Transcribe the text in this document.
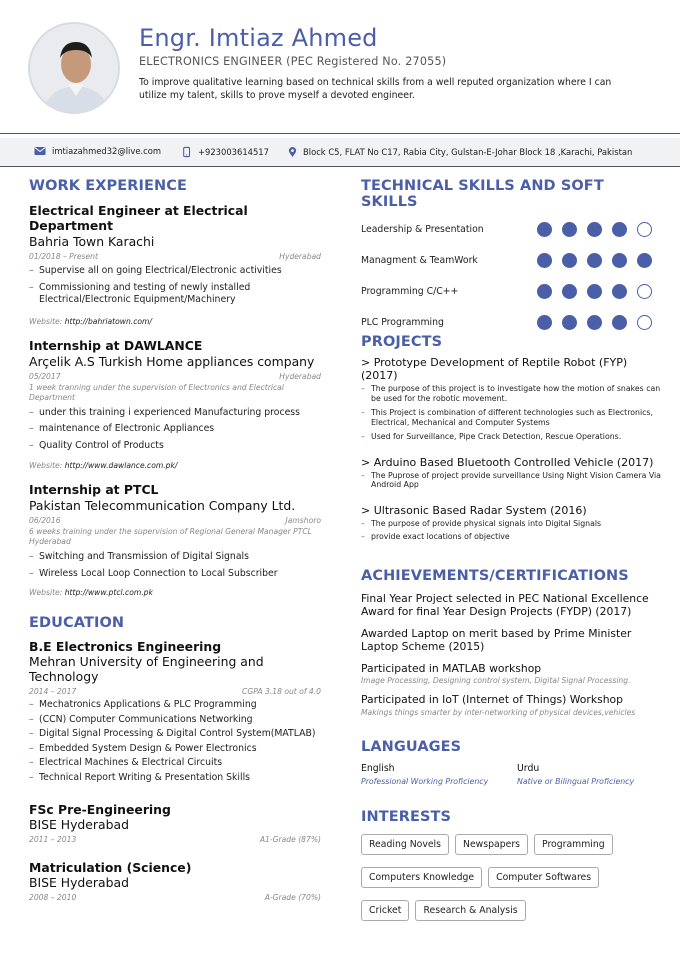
Engr. Imtiaz Ahmed
ELECTRONICS ENGINEER (PEC Registered No. 27055)
To improve qualitative learning based on technical skills from a well reputed organization where I can utilize my talent, skills to prove myself a devoted engineer.
imtiazahmed32@live.com	+923003614517	Block C5, FLAT No C17, Rabia City, Gulstan-E-Johar Block 18 ,Karachi, Pakistan
WORK EXPERIENCE
Electrical Engineer at Electrical Department
Bahria Town Karachi
01/2018 – Present	Hyderabad
– Supervise all on going Electrical/Electronic activities
– Commissioning and testing of newly installed Electrical/Electronic Equipment/Machinery
Website: http://bahriatown.com/
Internship at DAWLANCE
Arçelik A.S Turkish Home appliances company
05/2017	Hyderabad
1 week tranning under the supervision of Electronics and Electrical Department
– under this training i experienced Manufacturing process
– maintenance of Electronic Appliances
– Quality Control of Products
Website: http://www.dawlance.com.pk/
Internship at PTCL
Pakistan Telecommunication Company Ltd.
06/2016	Jamshoro
6 weeks training under the supervision of Regional General Manager PTCL Hyderabad
– Switching and Transmission of Digital Signals
– Wireless Local Loop Connection to Local Subscriber
Website: http://www.ptcl.com.pk
EDUCATION
B.E Electronics Engineering
Mehran University of Engineering and Technology
2014 – 2017	CGPA 3.18 out of 4.0
– Mechatronics Applications & PLC Programming
– (CCN) Computer Communications Networking
– Digital Signal Processing & Digital Control System(MATLAB)
– Embedded System Design & Power Electronics
– Electrical Machines & Electrical Circuits
– Technical Report Writing & Presentation Skills
FSc Pre-Engineering
BISE Hyderabad
2011 – 2013	A1-Grade (87%)
Matriculation (Science)
BISE Hyderabad
2008 – 2010	A-Grade (70%)
TECHNICAL SKILLS AND SOFT SKILLS
Leadership & Presentation
Managment & TeamWork
Programming C/C++
PLC Programming
PROJECTS
> Prototype Development of Reptile Robot (FYP) (2017)
– The purpose of this project is to investigate how the motion of snakes can be used for the robotic movement.
– This Project is combination of different technologies such as Electronics, Electrical, Mechanical and Computer Systems
– Used for Surveillance, Pipe Crack Detection, Rescue Operations.
> Arduino Based Bluetooth Controlled Vehicle (2017)
– The Puprose of project provide surveillance Using Night Vision Camera Via Android App
> Ultrasonic Based Radar System (2016)
– The purpose of provide physical signals into Digital Signals
– provide exact locations of objective
ACHIEVEMENTS/CERTIFICATIONS
Final Year Project selected in PEC National Excellence Award for final Year Design Projects (FYDP) (2017)
Awarded Laptop on merit based by Prime Minister Laptop Scheme (2015)
Participated in MATLAB workshop
Image Processing, Designing control system, Digital Signal Processing.
Participated in IoT (Internet of Things) Workshop
Makings things smarter by inter-networking of physical devices,vehicles
LANGUAGES
English
Professional Working Proficiency
Urdu
Native or Bilingual Proficiency
INTERESTS
Reading Novels	Newspapers	Programming
Computers Knowledge	Computer Softwares
Cricket	Research & Analysis
